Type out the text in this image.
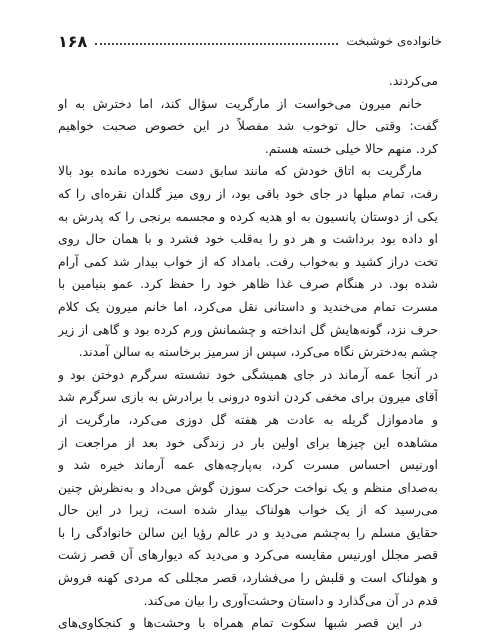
١۶٨	خانواده‌ی خوشبخت
می‌کردند.
خانم میرون می‌خواست از مارگریت سؤال کند، اما دخترش به او
گفت: وقتی حال توخوب شد مفصلاً در این خصوص صحبت خواهیم
کرد. منهم حالا خیلی خسته هستم.
مارگریت به اتاق خودش که مانند سابق دست نخورده مانده بود بالا
رفت، تمام مبلها در جای خود باقی بود، از روی میز گلدان نقره‌ای را که
یکی از دوستان پانسیون به او هدیه کرده و مجسمه برنجی را که پدرش به
او داده بود برداشت و هر دو را به‌قلب خود فشرد و با همان حال روی
تخت دراز کشید و به‌خواب رفت. بامداد که از خواب بیدار شد کمی آرام
شده بود. در هنگام صرف غذا ظاهر خود را حفظ کرد. عمو بنیامین با
مسرت تمام می‌خندید و داستانی نقل می‌کرد، اما خانم میرون یک کلام
حرف نزد، گونه‌هایش گل انداخته و چشمانش ورم کرده بود و گاهی از زیر
چشم به‌دخترش نگاه می‌کرد، سپس از سرمیز برخاسته به سالن آمدند.
در آنجا عمه آرماند در جای همیشگی خود نشسته سرگرم دوختن بود و
آقای میرون برای مخفی کردن اندوه درونی با برادرش به بازی سرگرم شد
و مادموازل گریله به عادت هر هفته گل دوزی می‌کرد، مارگریت از
مشاهده این چیزها برای اولین بار در زندگی خود بعد از مراجعت از
اورنیس احساس مسرت کرد، به‌پارچه‌های عمه آرماند خیره شد و
به‌صدای منظم و یک نواخت حرکت سوزن گوش می‌داد و به‌نظرش چنین
می‌رسید که از یک خواب هولناک بیدار شده است، زیرا در این حال
حقایق مسلم را به‌چشم می‌دید و در عالم رؤیا این سالن خانوادگی را با
قصر مجلل اورنیس مقایسه می‌کرد و می‌دید که دیوارهای آن قصر زشت
و هولناک است و قلبش را می‌فشارد، قصر مجللی که مردی کهنه فروش
قدم در آن می‌گذارد و داستان وحشت‌آوری را بیان می‌کند.
در این قصر شبها سکوت تمام همراه با وحشت‌ها و کنجکاوی‌های
